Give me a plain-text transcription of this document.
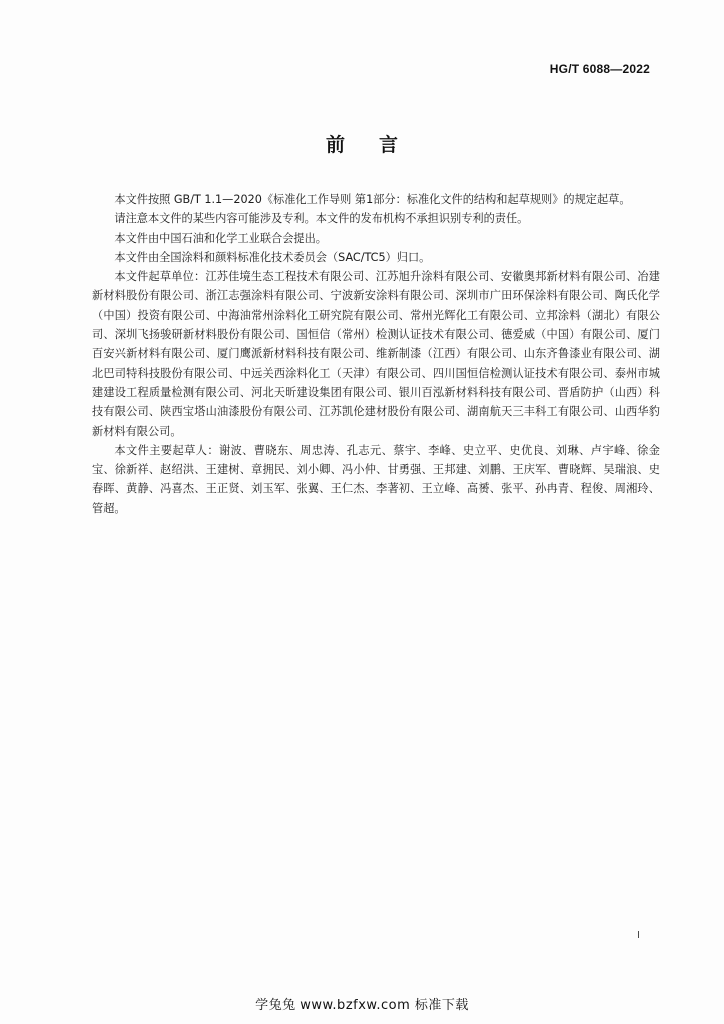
HG/T 6088—2022
前言

本文件按照 GB/T 1.1—2020《标准化工作导则 第1部分：标准化文件的结构和起草规则》的规定起草。

请注意本文件的某些内容可能涉及专利。本文件的发布机构不承担识别专利的责任。

本文件由中国石油和化学工业联合会提出。

本文件由全国涂料和颜料标准化技术委员会（SAC/TC5）归口。

本文件起草单位：江苏佳境生态工程技术有限公司、江苏旭升涂料有限公司、安徽奥邦新材料有限公司、冶建新材料股份有限公司、浙江志强涂料有限公司、宁波新安涂料有限公司、深圳市广田环保涂料有限公司、陶氏化学（中国）投资有限公司、中海油常州涂料化工研究院有限公司、常州光辉化工有限公司、立邦涂料（湖北）有限公司、深圳飞扬骏研新材料股份有限公司、国恒信（常州）检测认证技术有限公司、德爱威（中国）有限公司、厦门百安兴新材料有限公司、厦门鹰派新材料科技有限公司、维新制漆（江西）有限公司、山东齐鲁漆业有限公司、湖北巴司特科技股份有限公司、中远关西涂料化工（天津）有限公司、四川国恒信检测认证技术有限公司、泰州市城建建设工程质量检测有限公司、河北天昕建设集团有限公司、银川百泓新材料科技有限公司、晋盾防护（山西）科技有限公司、陕西宝塔山油漆股份有限公司、江苏凯伦建材股份有限公司、湖南航天三丰科工有限公司、山西华豹新材料有限公司。

本文件主要起草人：谢波、曹晓东、周忠涛、孔志元、蔡宇、李峰、史立平、史优良、刘琳、卢宇峰、徐金宝、徐新祥、赵绍洪、王建树、章拥民、刘小卿、冯小仲、甘勇强、王邦建、刘鹏、王庆军、曹晓辉、吴瑞浪、史春晖、黄静、冯喜杰、王正贤、刘玉军、张翼、王仁杰、李著初、王立峰、高赟、张平、孙冉青、程俊、周湘玲、管超。

Ⅰ
学兔兔 www.bzfxw.com 标准下载
